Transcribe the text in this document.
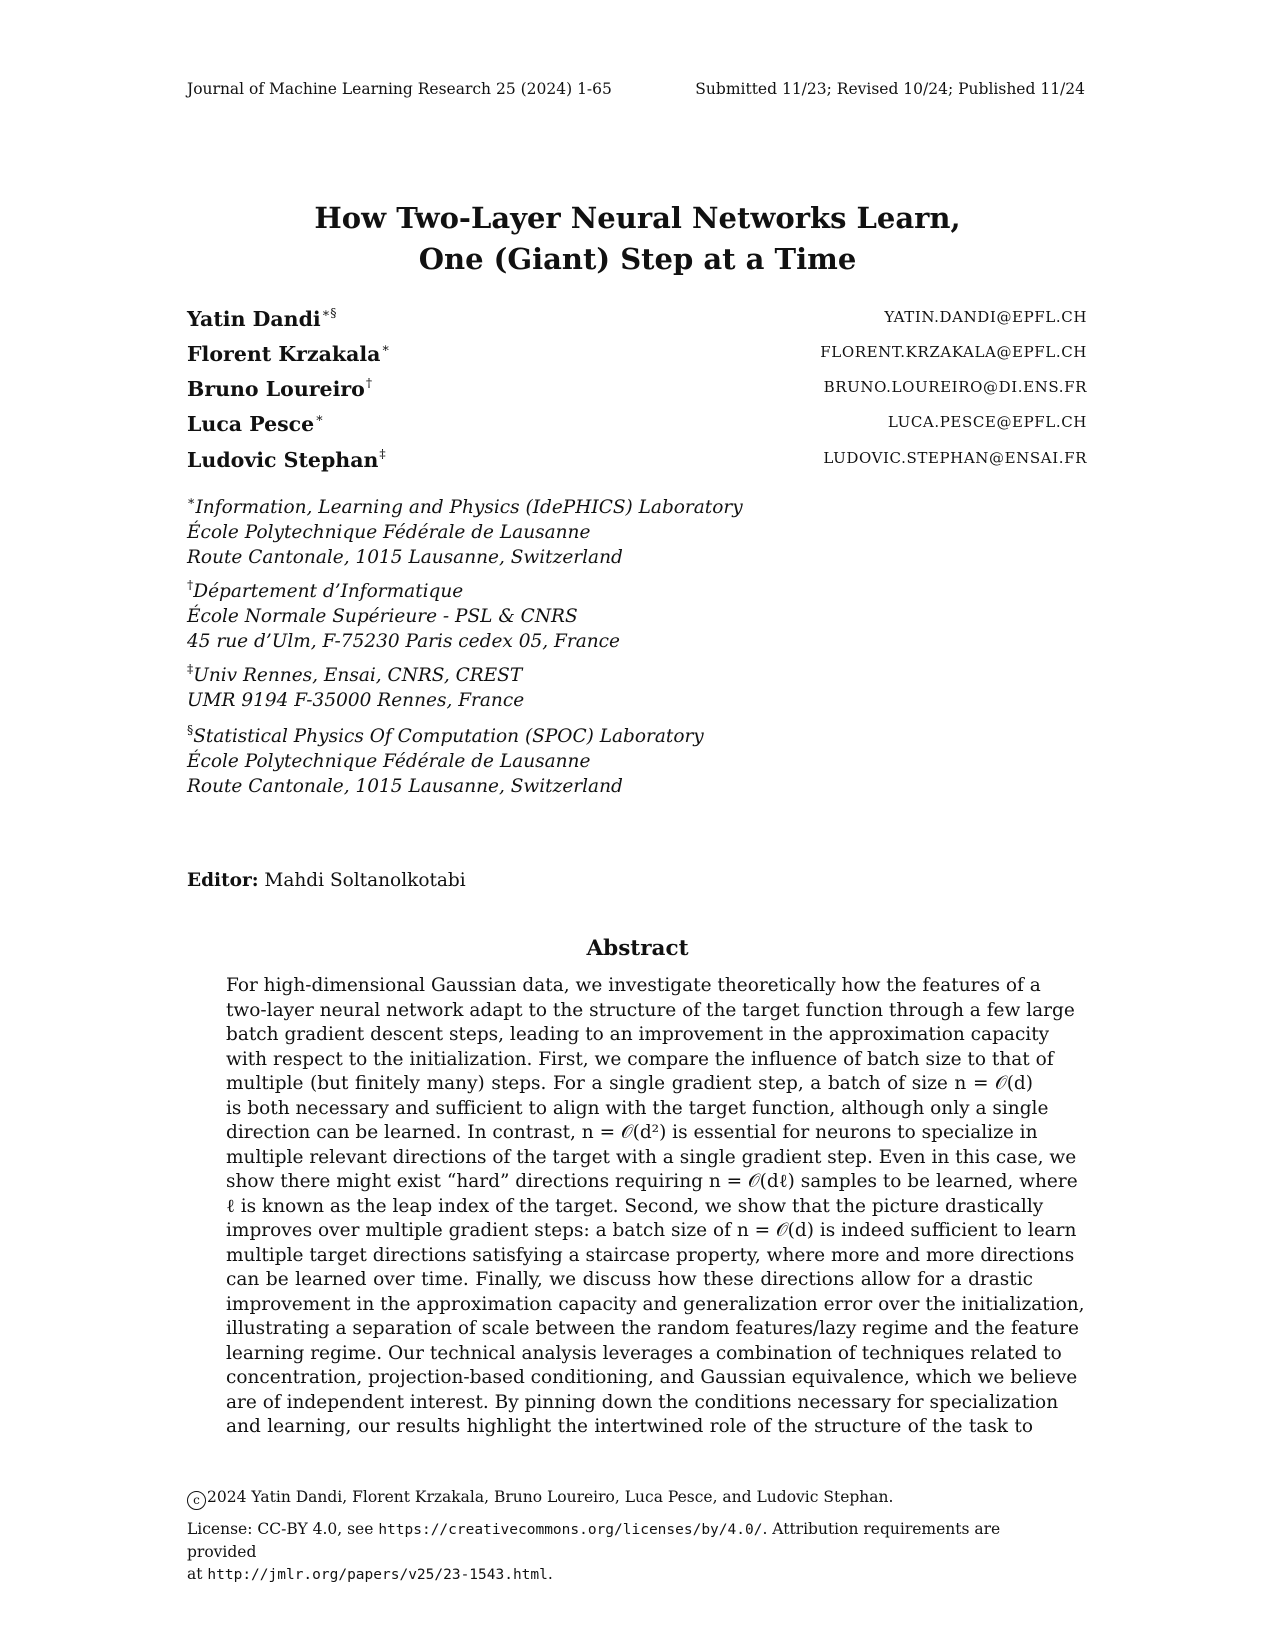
Journal of Machine Learning Research 25 (2024) 1-65	Submitted 11/23; Revised 10/24; Published 11/24
How Two-Layer Neural Networks Learn,
One (Giant) Step at a Time
Yatin Dandi∗§	YATIN.DANDI@EPFL.CH
Florent Krzakala∗	FLORENT.KRZAKALA@EPFL.CH
Bruno Loureiro†	BRUNO.LOUREIRO@DI.ENS.FR
Luca Pesce∗	LUCA.PESCE@EPFL.CH
Ludovic Stephan‡	LUDOVIC.STEPHAN@ENSAI.FR
∗Information, Learning and Physics (IdePHICS) Laboratory
École Polytechnique Fédérale de Lausanne
Route Cantonale, 1015 Lausanne, Switzerland
†Département d’Informatique
École Normale Supérieure - PSL & CNRS
45 rue d’Ulm, F-75230 Paris cedex 05, France
‡Univ Rennes, Ensai, CNRS, CREST
UMR 9194 F-35000 Rennes, France
§Statistical Physics Of Computation (SPOC) Laboratory
École Polytechnique Fédérale de Lausanne
Route Cantonale, 1015 Lausanne, Switzerland
Editor: Mahdi Soltanolkotabi
Abstract
For high-dimensional Gaussian data, we investigate theoretically how the features of a
two-layer neural network adapt to the structure of the target function through a few large
batch gradient descent steps, leading to an improvement in the approximation capacity
with respect to the initialization. First, we compare the influence of batch size to that of
multiple (but finitely many) steps. For a single gradient step, a batch of size n = 𝒪(d)
is both necessary and sufficient to align with the target function, although only a single
direction can be learned. In contrast, n = 𝒪(d²) is essential for neurons to specialize in
multiple relevant directions of the target with a single gradient step. Even in this case, we
show there might exist “hard” directions requiring n = 𝒪(dℓ) samples to be learned, where
ℓ is known as the leap index of the target. Second, we show that the picture drastically
improves over multiple gradient steps: a batch size of n = 𝒪(d) is indeed sufficient to learn
multiple target directions satisfying a staircase property, where more and more directions
can be learned over time. Finally, we discuss how these directions allow for a drastic
improvement in the approximation capacity and generalization error over the initialization,
illustrating a separation of scale between the random features/lazy regime and the feature
learning regime. Our technical analysis leverages a combination of techniques related to
concentration, projection-based conditioning, and Gaussian equivalence, which we believe
are of independent interest. By pinning down the conditions necessary for specialization
and learning, our results highlight the intertwined role of the structure of the task to
c 2024 Yatin Dandi, Florent Krzakala, Bruno Loureiro, Luca Pesce, and Ludovic Stephan.
License: CC-BY 4.0, see https://creativecommons.org/licenses/by/4.0/. Attribution requirements are provided
at http://jmlr.org/papers/v25/23-1543.html.
